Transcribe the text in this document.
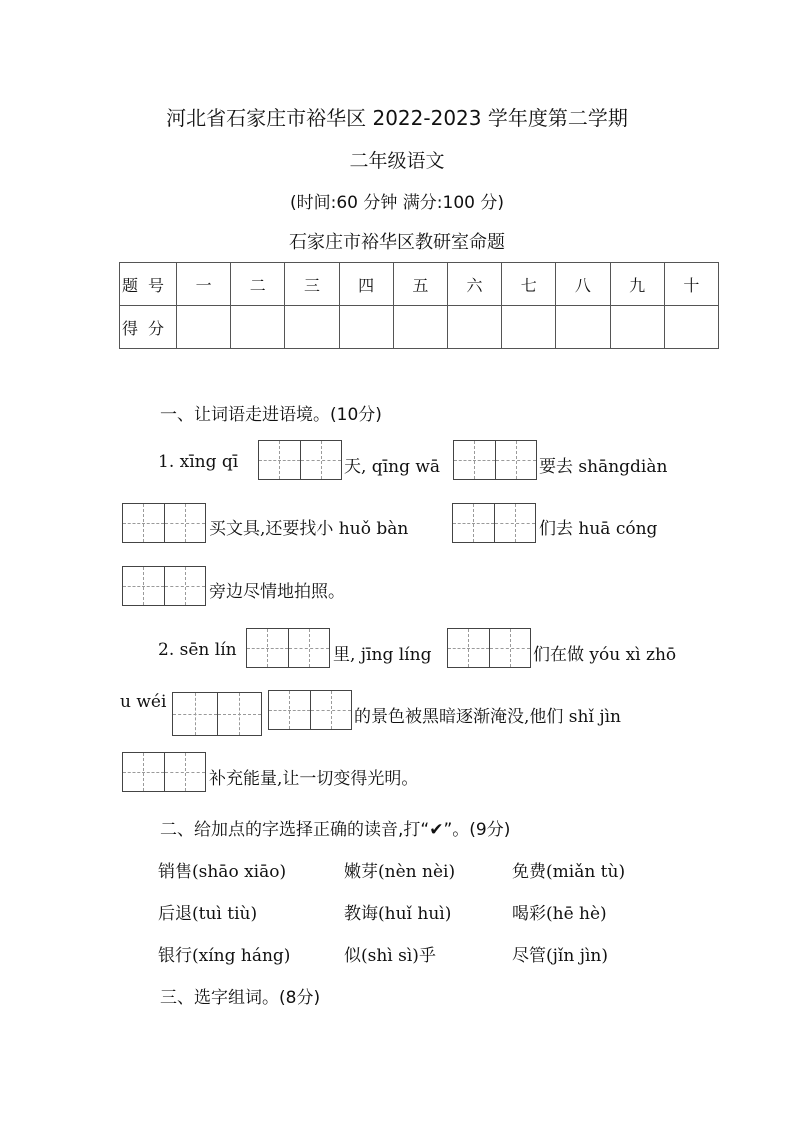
河北省石家庄市裕华区 2022-2023 学年度第二学期
二年级语文
(时间:60 分钟 满分:100 分)
石家庄市裕华区教研室命题
题号	一	二	三	四	五	六	七	八	九	十
得分										
一、让词语走进语境。(10分)
1. xīng qī	天, qīng wā	要去 shāngdiàn
买文具,还要找小 huǒ bàn	们去 huā cóng
旁边尽情地拍照。
2. sēn lín	里, jīng líng	们在做 yóu xì zhō
u wéi
的景色被黑暗逐渐淹没,他们 shǐ jìn
补充能量,让一切变得光明。
二、给加点的字选择正确的读音,打“✔”。(9分)
销售(shāo xiāo)	嫩芽(nèn nèi)	免费(miǎn tù)
后退(tuì tiù)	教诲(huǐ huì)	喝彩(hē hè)
银行(xíng háng)	似(shì sì)乎	尽管(jǐn jìn)
三、选字组词。(8分)
